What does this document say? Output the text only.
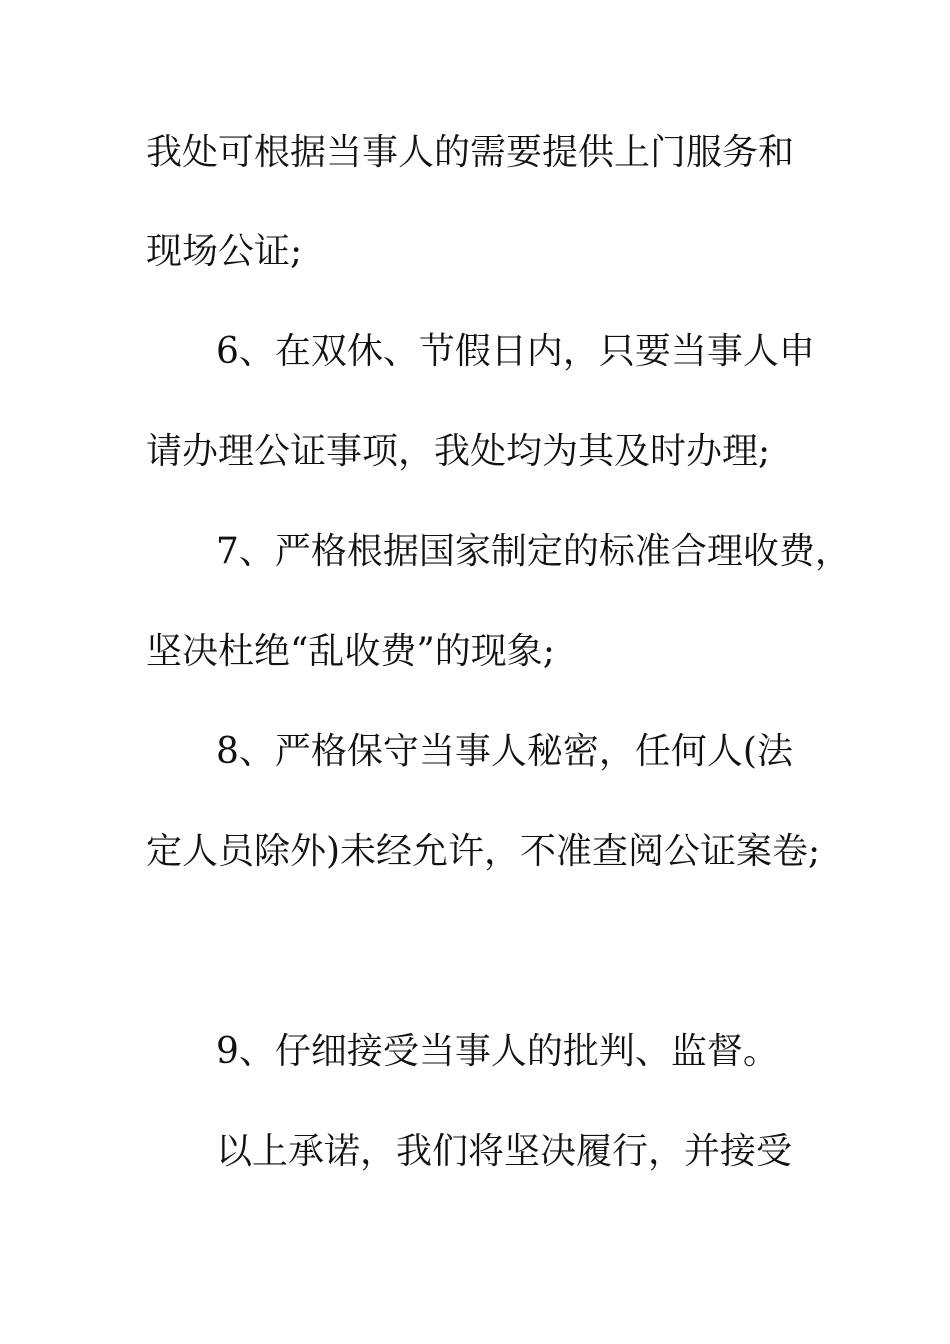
我处可根据当事人的需要提供上门服务和
现场公证;
6、在双休、节假日内，只要当事人申
请办理公证事项，我处均为其及时办理;
7、严格根据国家制定的标准合理收费，
坚决杜绝“乱收费”的现象;
8、严格保守当事人秘密，任何人(法
定人员除外)未经允许，不准查阅公证案卷;
9、仔细接受当事人的批判、监督。
以上承诺，我们将坚决履行，并接受
